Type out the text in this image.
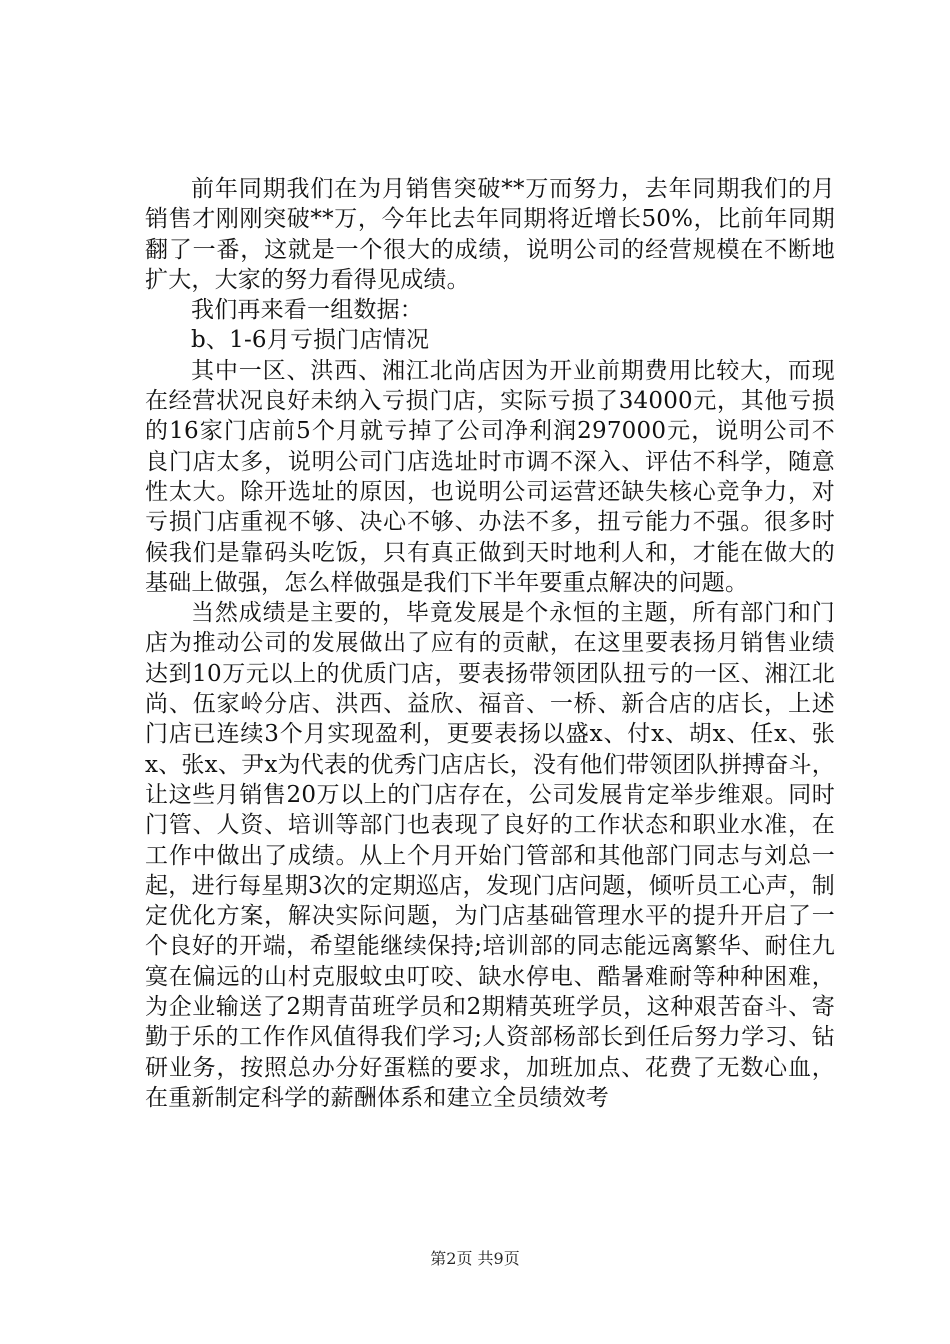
前年同期我们在为月销售突破**万而努力，去年同期我们的月销售才刚刚突破**万，今年比去年同期将近增长50%，比前年同期翻了一番，这就是一个很大的成绩，说明公司的经营规模在不断地扩大，大家的努力看得见成绩。

我们再来看一组数据：

b、1-6月亏损门店情况

其中一区、洪西、湘江北尚店因为开业前期费用比较大，而现在经营状况良好未纳入亏损门店，实际亏损了34000元，其他亏损的16家门店前5个月就亏掉了公司净利润297000元，说明公司不良门店太多，说明公司门店选址时市调不深入、评估不科学，随意性太大。除开选址的原因，也说明公司运营还缺失核心竞争力，对亏损门店重视不够、决心不够、办法不多，扭亏能力不强。很多时候我们是靠码头吃饭，只有真正做到天时地利人和，才能在做大的基础上做强，怎么样做强是我们下半年要重点解决的问题。

当然成绩是主要的，毕竟发展是个永恒的主题，所有部门和门店为推动公司的发展做出了应有的贡献，在这里要表扬月销售业绩达到10万元以上的优质门店，要表扬带领团队扭亏的一区、湘江北尚、伍家岭分店、洪西、益欣、福音、一桥、新合店的店长，上述门店已连续3个月实现盈利，更要表扬以盛x、付x、胡x、任x、张x、张x、尹x为代表的优秀门店店长，没有他们带领团队拼搏奋斗，让这些月销售20万以上的门店存在，公司发展肯定举步维艰。同时门管、人资、培训等部门也表现了良好的工作状态和职业水准，在工作中做出了成绩。从上个月开始门管部和其他部门同志与刘总一起，进行每星期3次的定期巡店，发现门店问题，倾听员工心声，制定优化方案，解决实际问题，为门店基础管理水平的提升开启了一个良好的开端，希望能继续保持;培训部的同志能远离繁华、耐住九寞在偏远的山村克服蚊虫叮咬、缺水停电、酷暑难耐等种种困难，为企业输送了2期青苗班学员和2期精英班学员，这种艰苦奋斗、寄勤于乐的工作作风值得我们学习;人资部杨部长到任后努力学习、钻研业务，按照总办分好蛋糕的要求，加班加点、花费了无数心血，在重新制定科学的薪酬体系和建立全员绩效考

第2页 共9页
